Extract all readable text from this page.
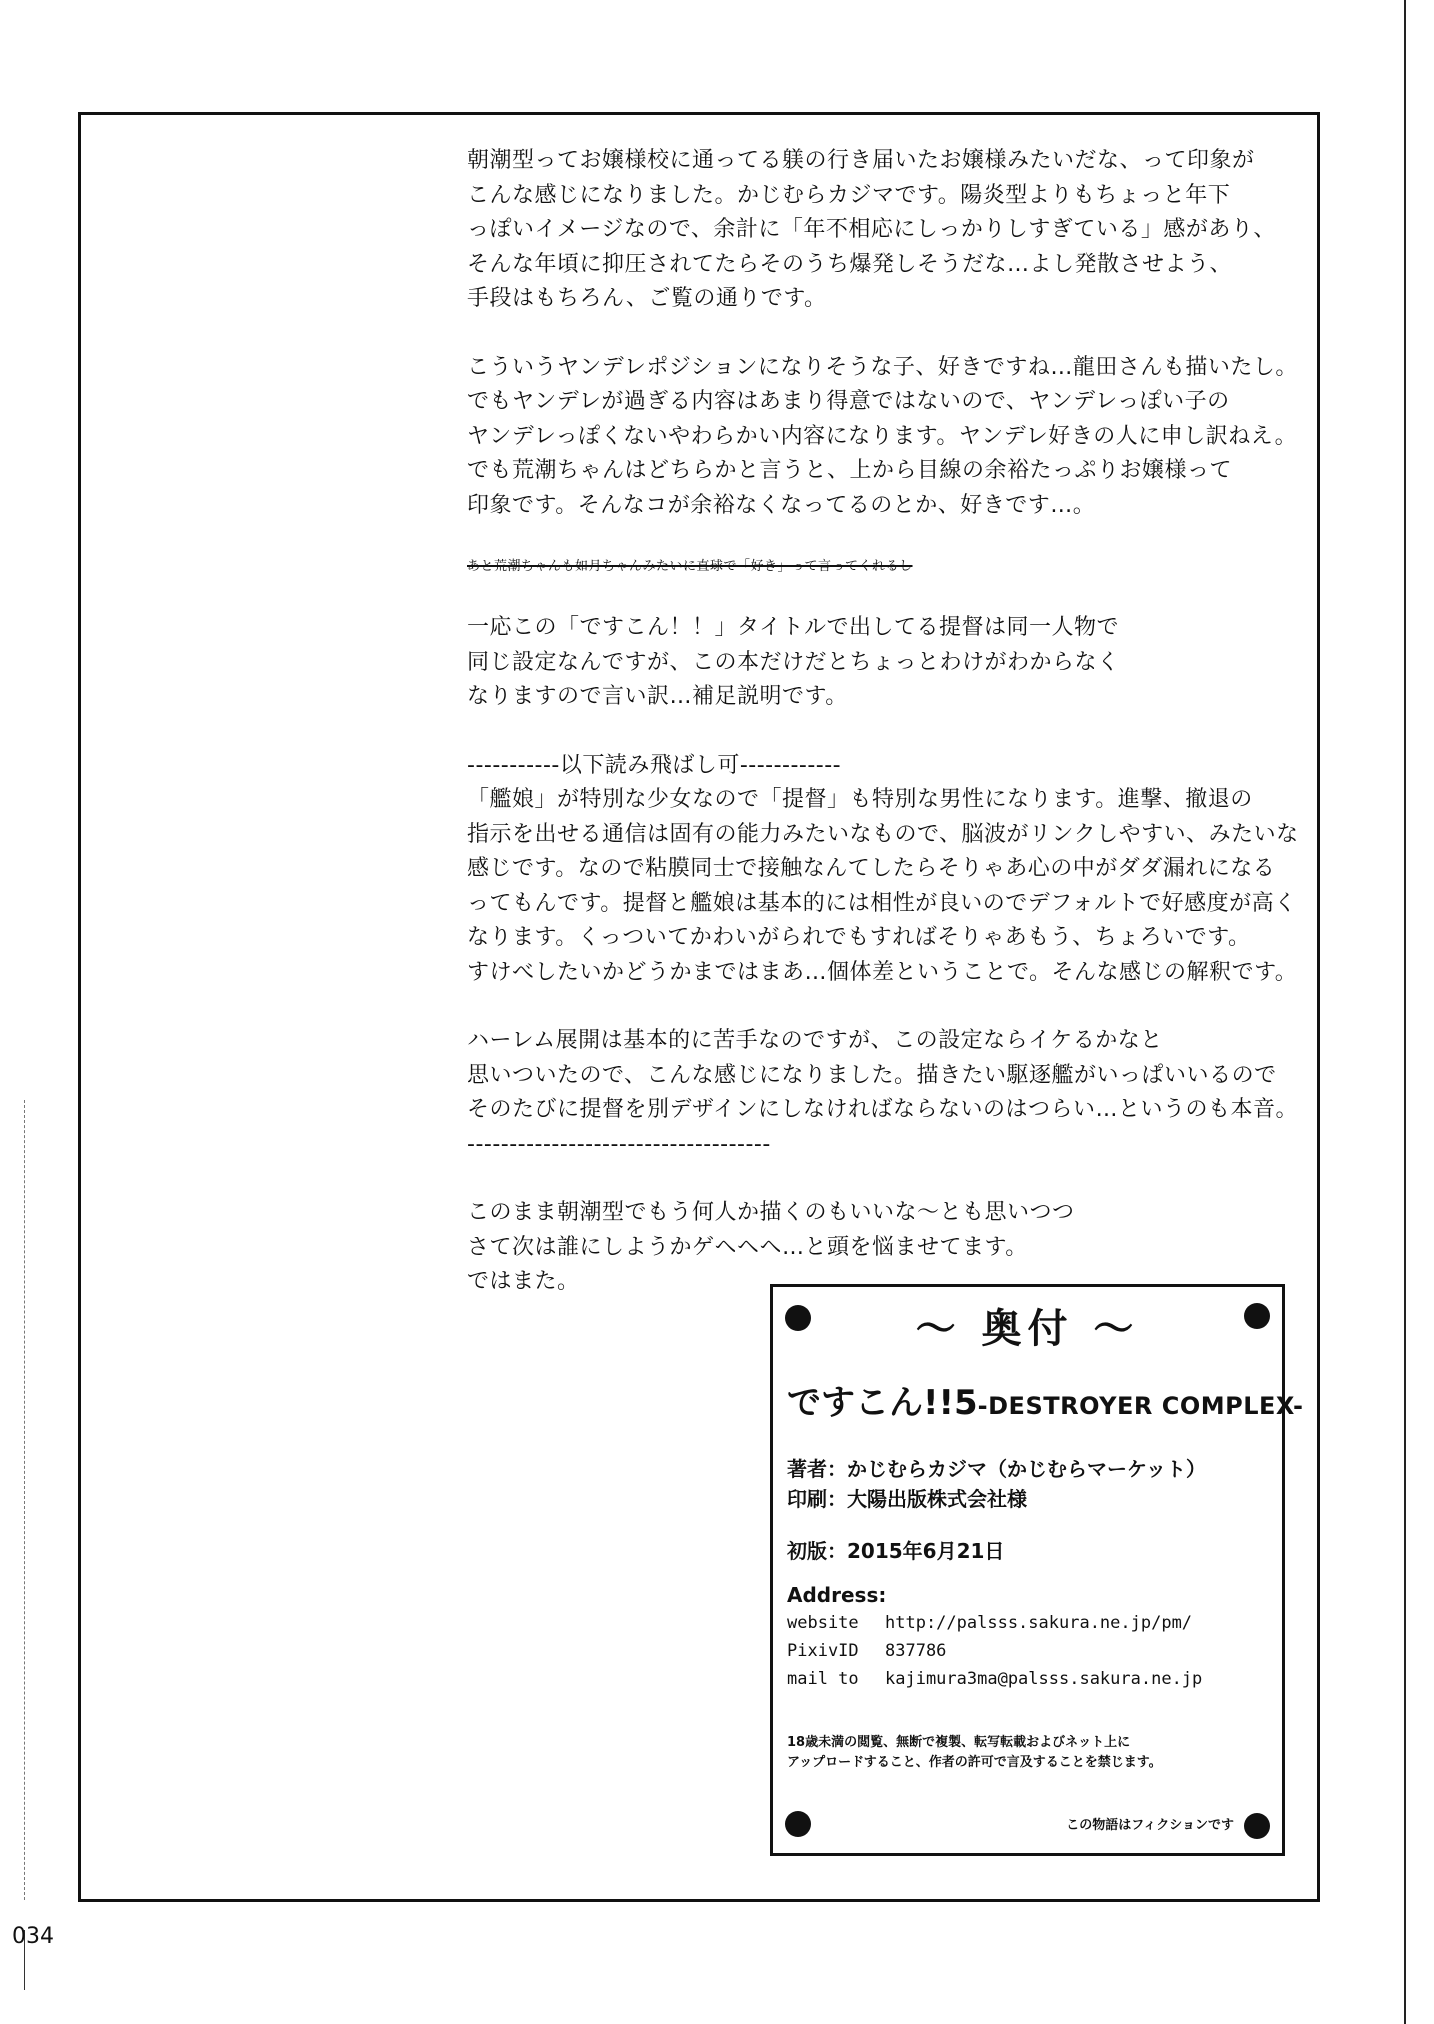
朝潮型ってお嬢様校に通ってる躾の行き届いたお嬢様みたいだな、って印象が

こんな感じになりました。かじむらカジマです。陽炎型よりもちょっと年下

っぽいイメージなので、余計に「年不相応にしっかりしすぎている」感があり、

そんな年頃に抑圧されてたらそのうち爆発しそうだな…よし発散させよう、

手段はもちろん、ご覧の通りです。

こういうヤンデレポジションになりそうな子、好きですね…龍田さんも描いたし。

でもヤンデレが過ぎる内容はあまり得意ではないので、ヤンデレっぽい子の

ヤンデレっぽくないやわらかい内容になります。ヤンデレ好きの人に申し訳ねえ。

でも荒潮ちゃんはどちらかと言うと、上から目線の余裕たっぷりお嬢様って

印象です。そんなコが余裕なくなってるのとか、好きです…。

あと荒潮ちゃんも如月ちゃんみたいに直球で「好き」って言ってくれるし

一応この「ですこん！！」タイトルで出してる提督は同一人物で

同じ設定なんですが、この本だけだとちょっとわけがわからなく

なりますので言い訳…補足説明です。

-----------以下読み飛ばし可------------

「艦娘」が特別な少女なので「提督」も特別な男性になります。進撃、撤退の

指示を出せる通信は固有の能力みたいなもので、脳波がリンクしやすい、みたいな

感じです。なので粘膜同士で接触なんてしたらそりゃあ心の中がダダ漏れになる

ってもんです。提督と艦娘は基本的には相性が良いのでデフォルトで好感度が高く

なります。くっついてかわいがられでもすればそりゃあもう、ちょろいです。

すけべしたいかどうかまではまあ…個体差ということで。そんな感じの解釈です。

ハーレム展開は基本的に苦手なのですが、この設定ならイケるかなと

思いついたので、こんな感じになりました。描きたい駆逐艦がいっぱいいるので

そのたびに提督を別デザインにしなければならないのはつらい…というのも本音。

------------------------------------

このまま朝潮型でもう何人か描くのもいいな～とも思いつつ

さて次は誰にしようかゲヘヘヘ…と頭を悩ませてます。

ではまた。

～ 奥付 ～
ですこん!!5-DESTROYER COMPLEX-
著者：かじむらカジマ（かじむらマーケット）
印刷：大陽出版株式会社様
初版：2015年6月21日
Address:
website http://palsss.sakura.ne.jp/pm/
PixivID 837786
mail to kajimura3ma@palsss.sakura.ne.jp

18歳未満の閲覧、無断で複製、転写転載およびネット上に

アップロードすること、作者の許可で言及することを禁じます。

この物語はフィクションです
034
